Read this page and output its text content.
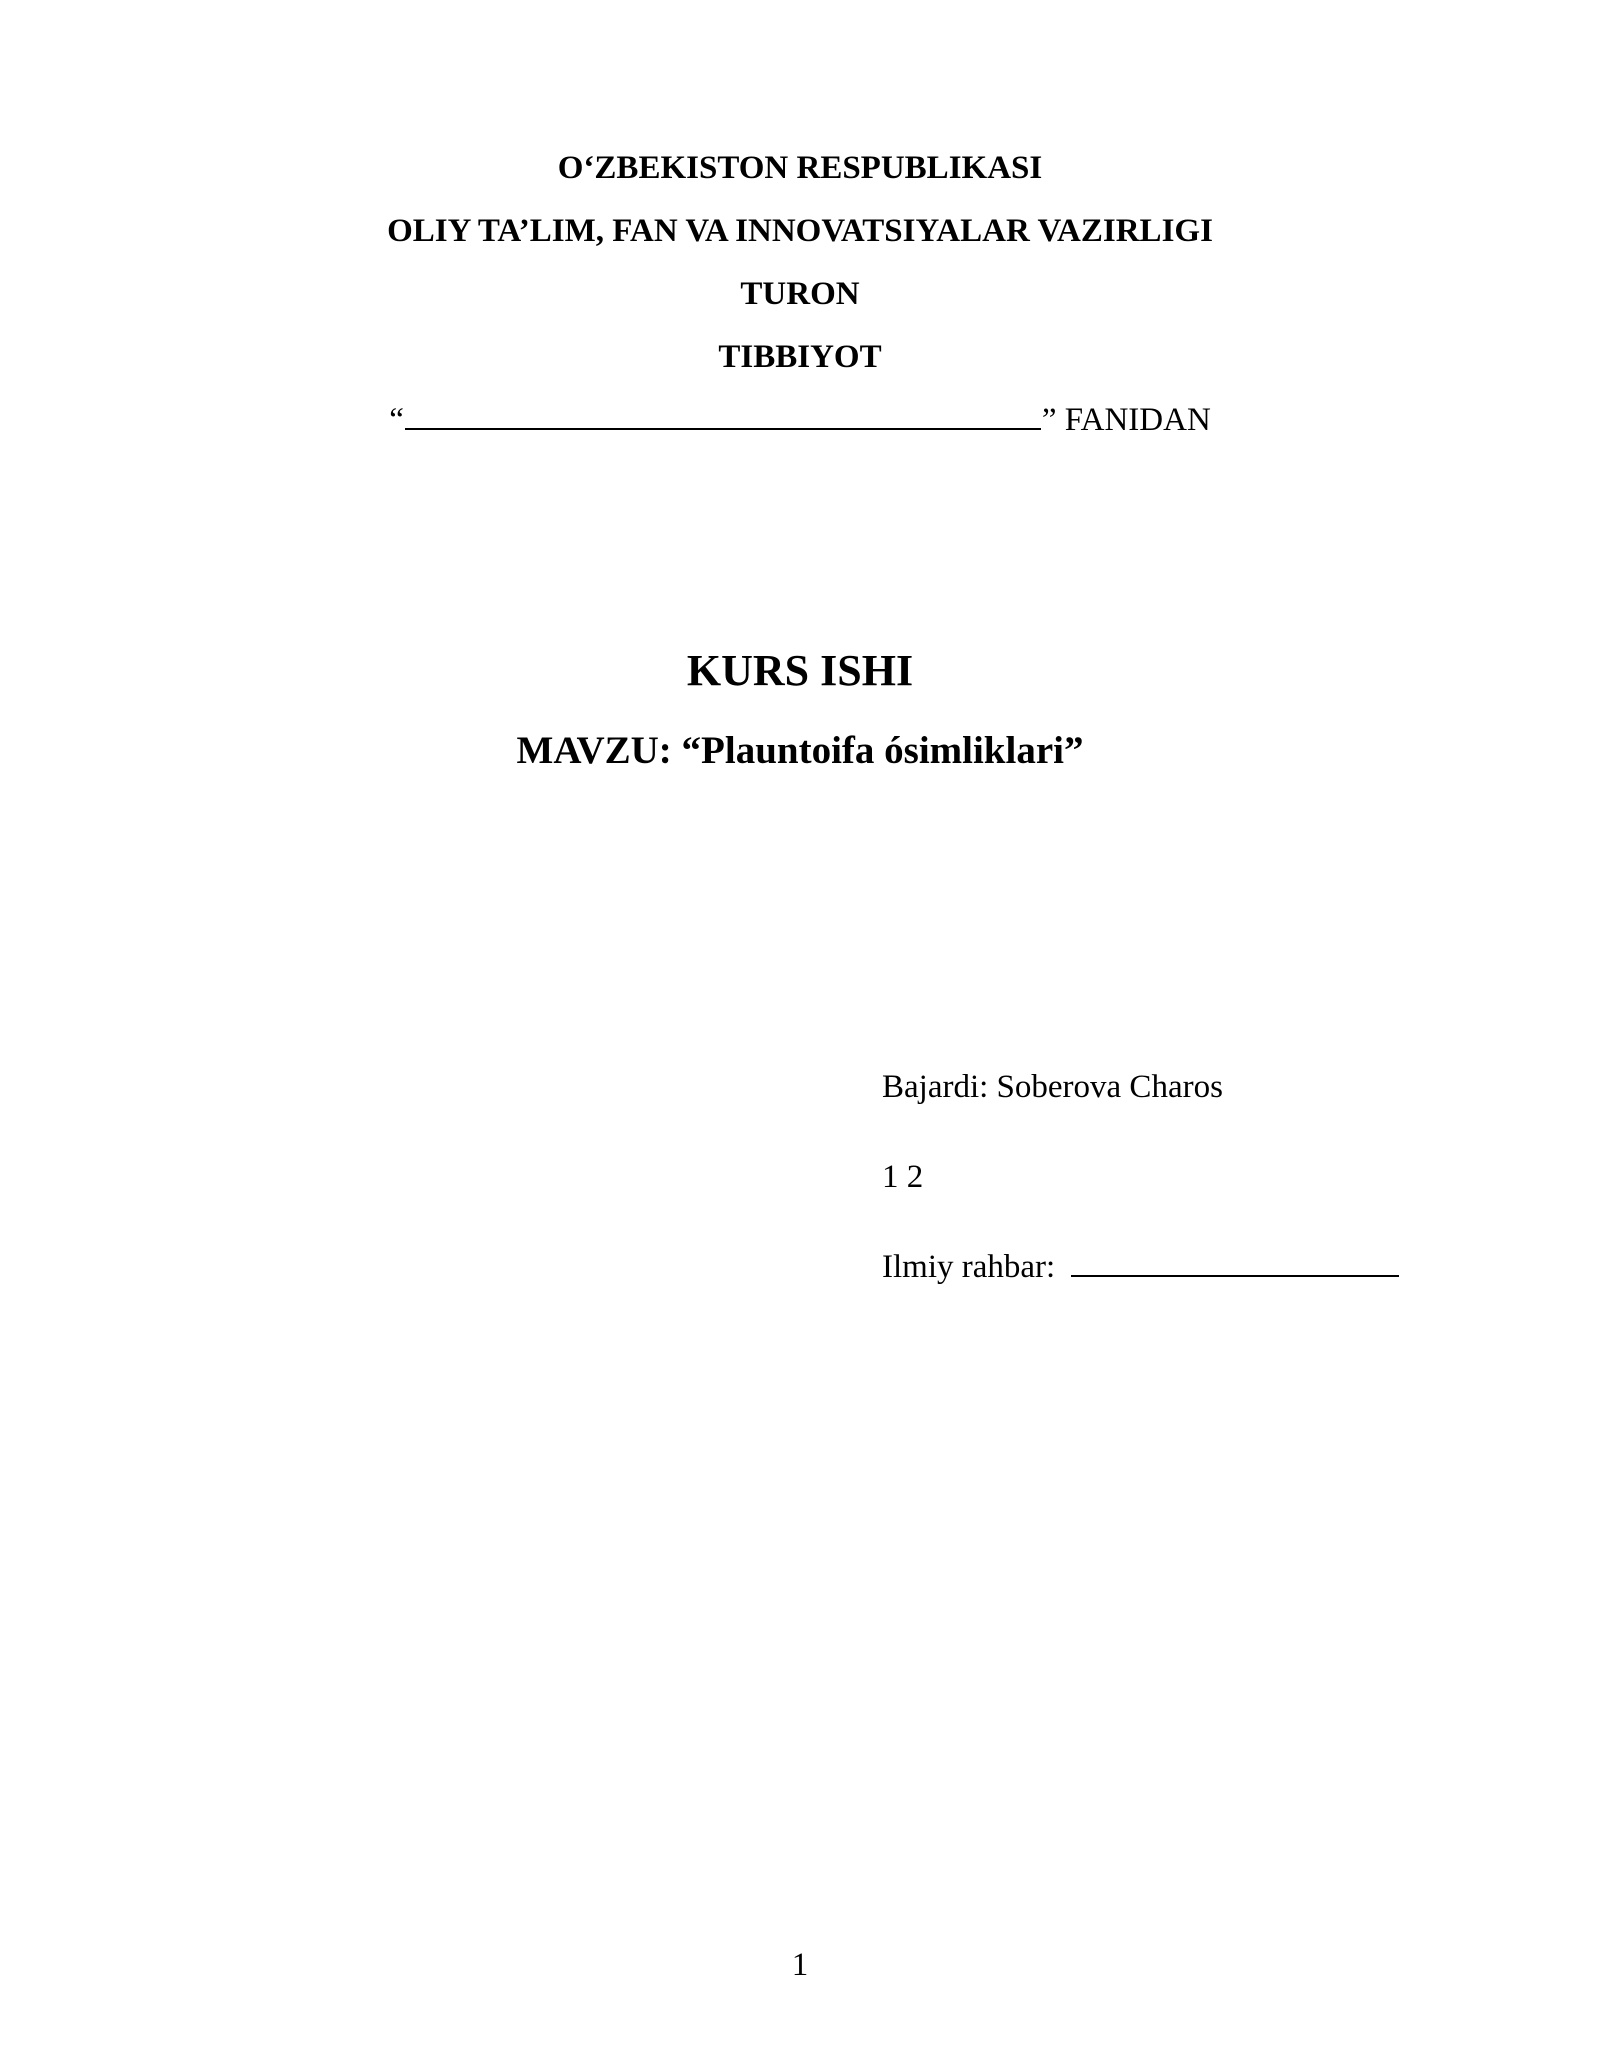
O‘ZBEKISTON RESPUBLIKASI
OLIY TA’LIM, FAN VA INNOVATSIYALAR VAZIRLIGI
TURON
TIBBIYOT
“	” FANIDAN
KURS ISHI
MAVZU: “Plauntoifa ósimliklari”
Bajardi: Soberova Charos
1 2
Ilmiy rahbar:
1
